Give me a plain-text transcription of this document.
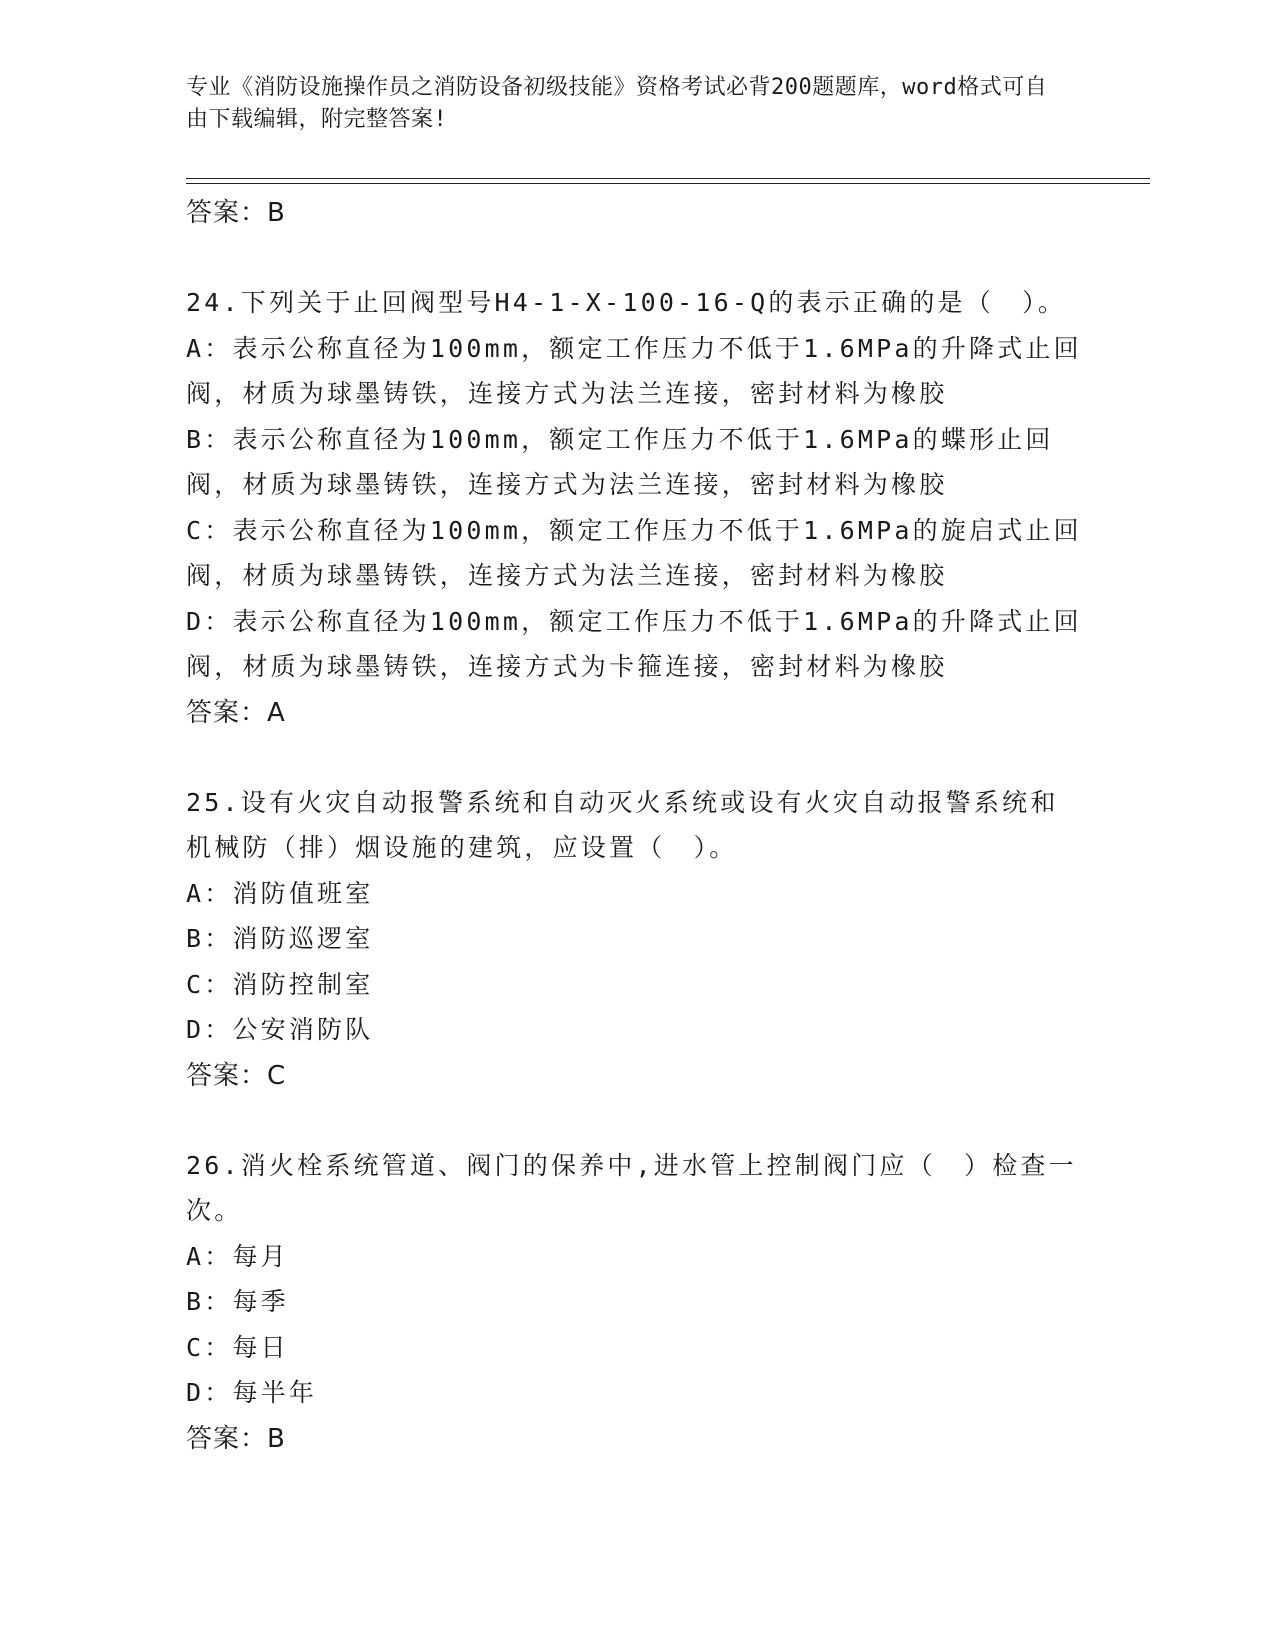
专业《消防设施操作员之消防设备初级技能》资格考试必背200题题库，word格式可自由下载编辑，附完整答案!
答案：B
24.下列关于止回阀型号H4-1-X-100-16-Q的表示正确的是（　）。
A：表示公称直径为100mm，额定工作压力不低于1.6MPa的升降式止回阀，材质为球墨铸铁，连接方式为法兰连接，密封材料为橡胶
B：表示公称直径为100mm，额定工作压力不低于1.6MPa的蝶形止回阀，材质为球墨铸铁，连接方式为法兰连接，密封材料为橡胶
C：表示公称直径为100mm，额定工作压力不低于1.6MPa的旋启式止回阀，材质为球墨铸铁，连接方式为法兰连接，密封材料为橡胶
D：表示公称直径为100mm，额定工作压力不低于1.6MPa的升降式止回阀，材质为球墨铸铁，连接方式为卡箍连接，密封材料为橡胶
答案：A
25.设有火灾自动报警系统和自动灭火系统或设有火灾自动报警系统和机械防（排）烟设施的建筑，应设置（　）。
A：消防值班室
B：消防巡逻室
C：消防控制室
D：公安消防队
答案：C
26.消火栓系统管道、阀门的保养中,进水管上控制阀门应（　）检查一次。
A：每月
B：每季
C：每日
D：每半年
答案：B
